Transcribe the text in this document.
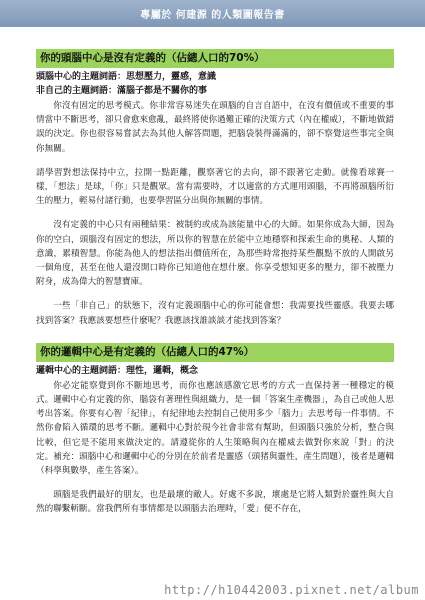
專屬於 何建源 的人類圖報告書
你的頭腦中心是沒有定義的（佔總人口的70%）

頭腦中心的主題詞語：思想壓力，靈感，意識

非自己的主題詞語：滿腦子都是不關你的事

你沒有固定的思考模式。你非常容易迷失在頭腦的自言自語中，在沒有價值或不重要的事情當中不斷思考，卻只會愈來愈亂，最終將使你過難正確的決策方式（內在權威），不斷地做錯誤的決定。你也很容易嘗試去為其他人解答問題，把腦袋裝得滿滿的，卻不察覺這些事完全與你無關。

請學習對想法保持中立，拉開一點距離，觀察著它的去向，卻不跟著它走動。就像看球賽一樣，「想法」是球，「你」只是觀眾。當有需要時，才以適當的方式運用頭腦，不再將頭腦所衍生的壓力，輕易付諸行動，也要學習區分出與你無關的事情。

沒有定義的中心只有兩種結果：被制約或成為該能量中心的大師。如果你成為大師，因為你的空白，頭腦沒有固定的想法，所以你的智慧在於能中立地穩察和探索生命的奧秘、人類的意識，累積智慧。你能為他人的想法指出價值所在，為那些時常抱持某些觀點不放的人開啟另一個角度，甚至在他人還沒開口時你已知道他在想什麼。你享受想知更多的壓力，卻不被壓力附身，成為偉大的智慧寶庫。

一些「非自己」的狀態下，沒有定義頭腦中心的你可能會想：我需要找些靈感。我要去哪找到答案？我應該要想些什麼呢？我應該找誰談談才能找到答案？

你的邏輯中心是有定義的（佔總人口的47%）

邏輯中心的主題詞語：理性，邏輯，概念

你必定能察覺到你不斷地思考，而你也應該感激它思考的方式一直保持著一種穩定的模式。邏輯中心有定義的你，腦袋有著理性與組織力，是一個「答案生產機器」，為自己或他人思考出答案。你要有心智「紀律」，有紀律地去控制自己使用多少「腦力」去思考每一件事情。不然你會陷入循環的思考不斷。邏輯中心對於現今社會非常有幫助，但頭腦只強於分析，整合與比較，但它是不能用來做決定的。請遵從你的人生策略與內在權威去做對你來說「對」的決定。補充：頭腦中心和邏輯中心的分別在於前者是靈感（頭猪與靈性，產生問題），後者是邏輯（科學與數學，產生答案）。

頭腦是我們最好的朋友，也是最壞的敵人。好處不多說，壞處是它將人類對於靈性與大自然的聯繫斬斷。當我們所有事情都是以頭腦去治理時，「愛」便不存在，

http://h10442003.pixnet.net/album
